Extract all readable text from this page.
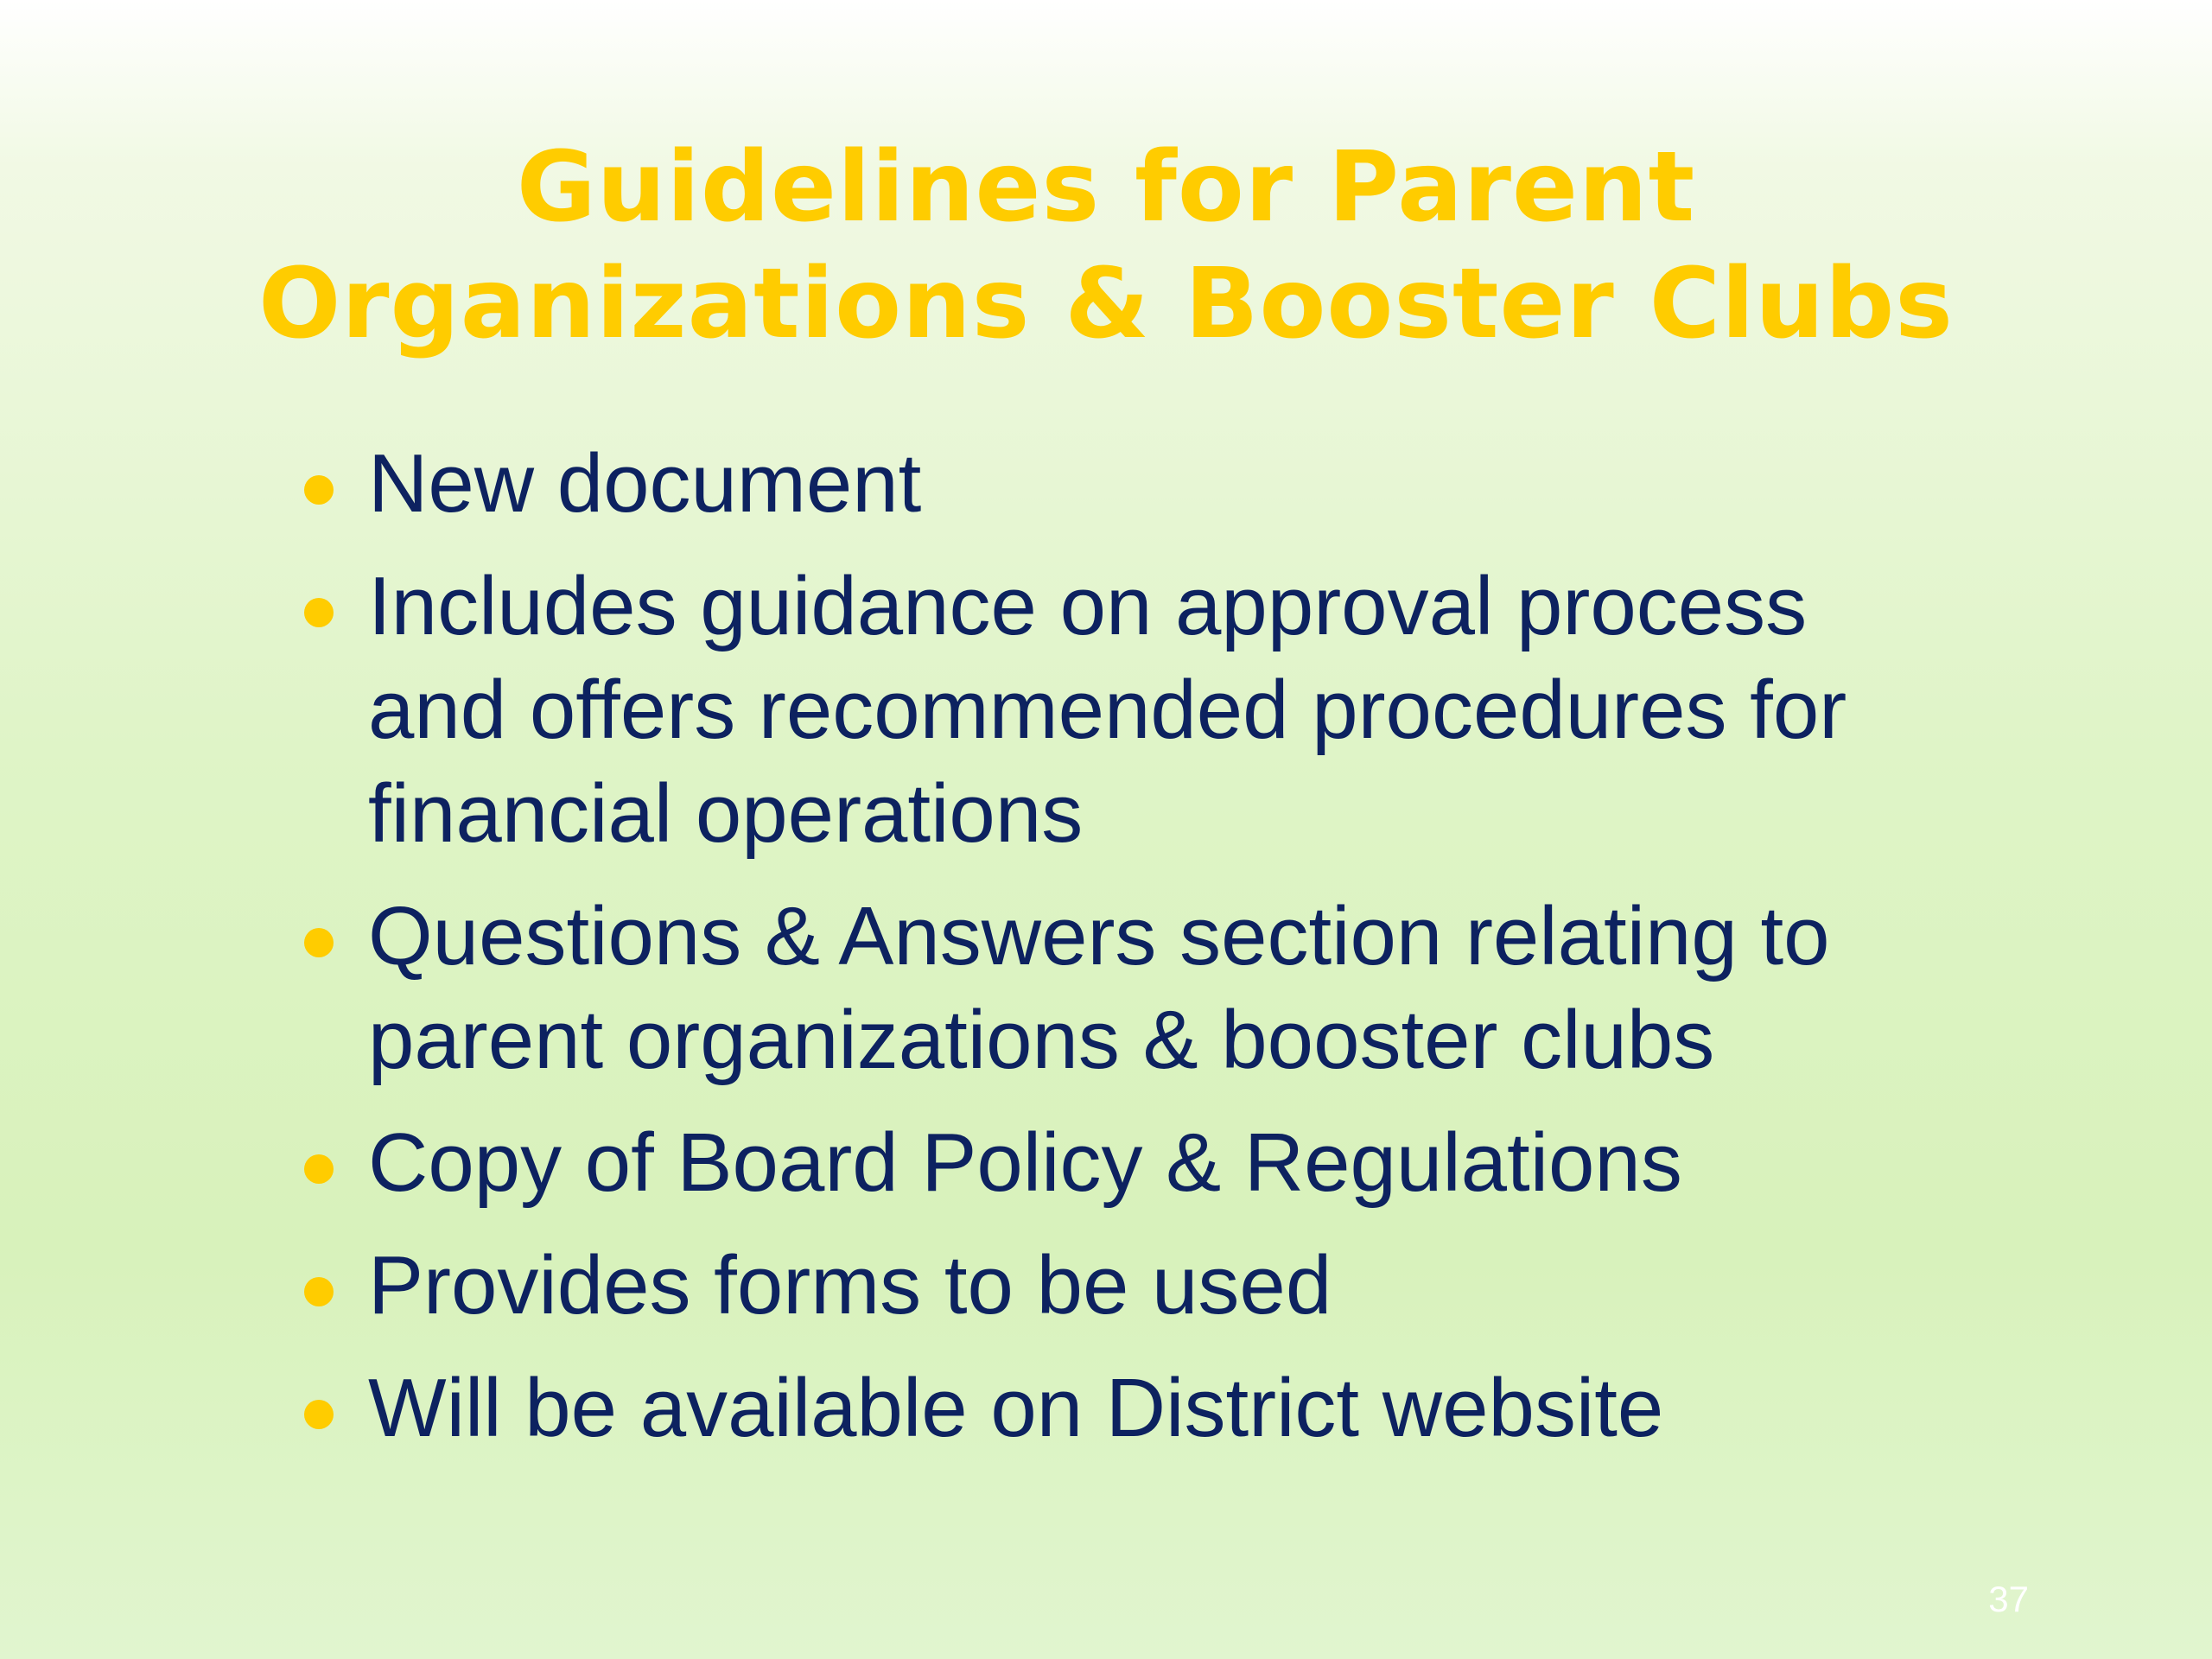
Guidelines for Parent
Organizations & Booster Clubs
New document
Includes guidance on approval process and offers recommended procedures for financial operations
Questions & Answers section relating to parent organizations & booster clubs
Copy of Board Policy & Regulations
Provides forms to be used
Will be available on District website
37
